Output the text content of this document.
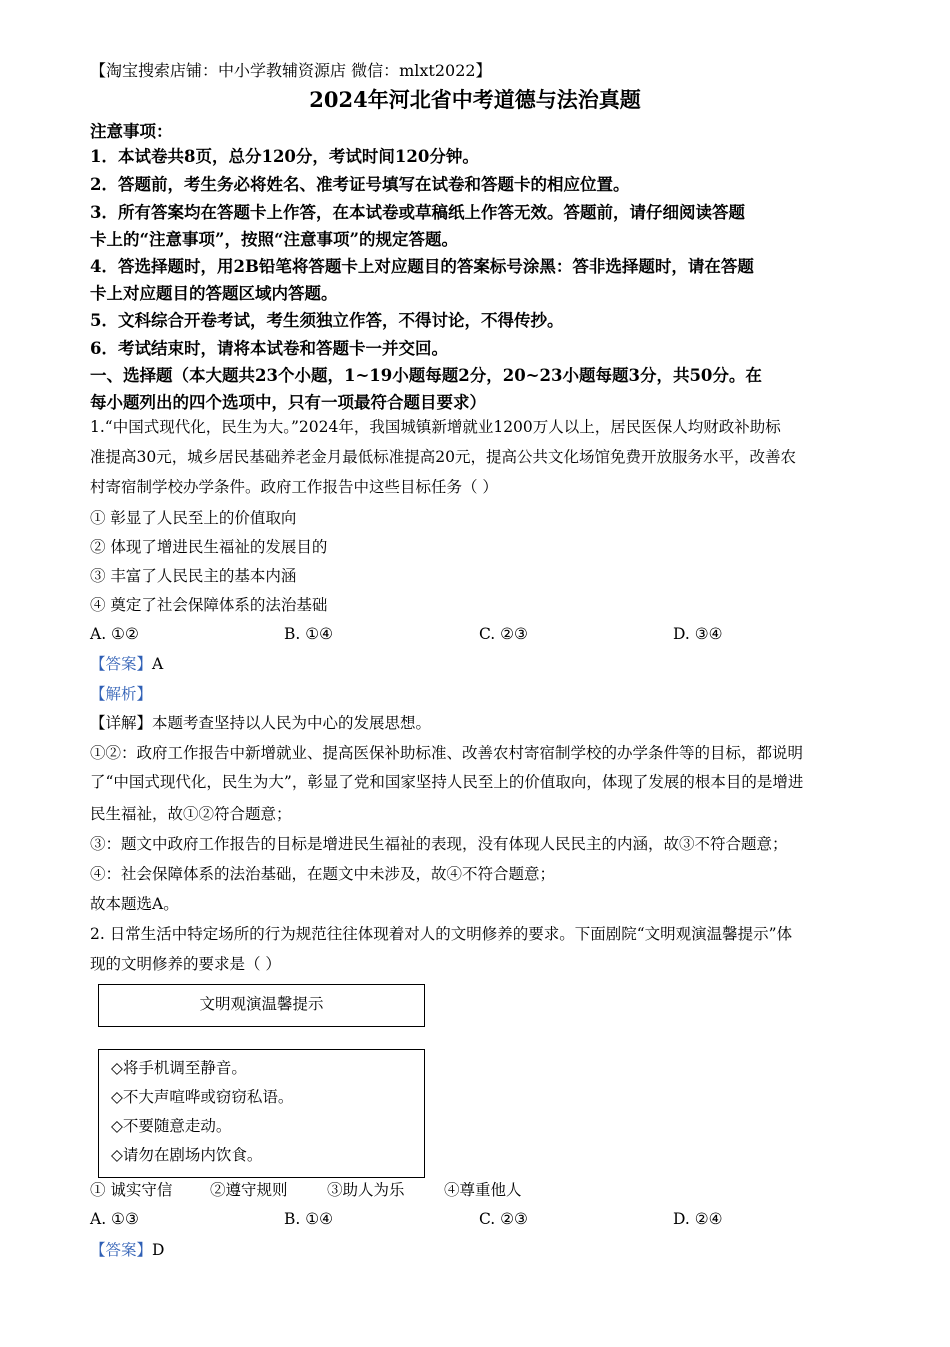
【淘宝搜索店铺：中小学教辅资源店 微信：mlxt2022】
2024年河北省中考道德与法治真题
注意事项：
1．本试卷共8页，总分120分，考试时间120分钟。
2．答题前，考生务必将姓名、准考证号填写在试卷和答题卡的相应位置。
3．所有答案均在答题卡上作答，在本试卷或草稿纸上作答无效。答题前，请仔细阅读答题
卡上的“注意事项”，按照“注意事项”的规定答题。
4．答选择题时，用2B铅笔将答题卡上对应题目的答案标号涂黑：答非选择题时，请在答题
卡上对应题目的答题区域内答题。
5．文科综合开卷考试，考生须独立作答，不得讨论，不得传抄。
6．考试结束时，请将本试卷和答题卡一并交回。
一、选择题（本大题共23个小题，1~19小题每题2分，20~23小题每题3分，共50分。在
每小题列出的四个选项中，只有一项最符合题目要求）
1.“中国式现代化，民生为大。”2024年，我国城镇新增就业1200万人以上，居民医保人均财政补助标
准提高30元，城乡居民基础养老金月最低标准提高20元，提高公共文化场馆免费开放服务水平，改善农
村寄宿制学校办学条件。政府工作报告中这些目标任务（ ）
① 彰显了人民至上的价值取向
② 体现了增进民生福祉的发展目的
③ 丰富了人民民主的基本内涵
④ 奠定了社会保障体系的法治基础
A. ①②	B. ①④	C. ②③	D. ③④
【答案】A
【解析】
【详解】本题考查坚持以人民为中心的发展思想。
①②：政府工作报告中新增就业、提高医保补助标准、改善农村寄宿制学校的办学条件等的目标，都说明
了“中国式现代化，民生为大”，彰显了党和国家坚持人民至上的价值取向，体现了发展的根本目的是增进
民生福祉，故①②符合题意；
③：题文中政府工作报告的目标是增进民生福祉的表现，没有体现人民民主的内涵，故③不符合题意；
④：社会保障体系的法治基础，在题文中未涉及，故④不符合题意；
故本题选A。
2. 日常生活中特定场所的行为规范往往体现着对人的文明修养的要求。下面剧院“文明观演温馨提示”体
现的文明修养的要求是（ ）
文明观演温馨提示
◇将手机调至静音。
◇不大声喧哗或窃窃私语。
◇不要随意走动。
◇请勿在剧场内饮食。
① 诚实守信 ②遵守规则	③助人为乐	④尊重他人
A. ①③	B. ①④	C. ②③	D. ②④
【答案】D
